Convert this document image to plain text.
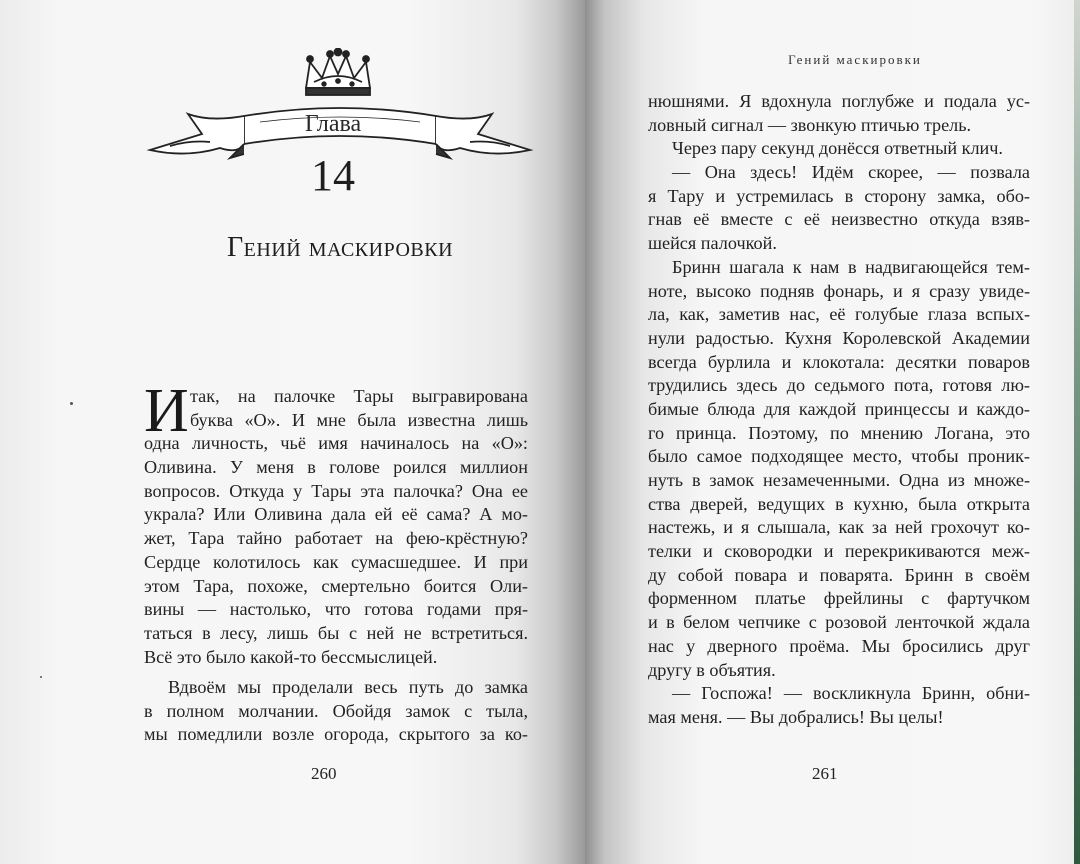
Глава
14
Гений маскировки
И так, на палочке Тары выгравирована
буква «О». И мне была известна лишь
одна личность, чьё имя начиналось на «О»:
Оливина. У меня в голове роился миллион
вопросов. Откуда у Тары эта палочка? Она ее
украла? Или Оливина дала ей её сама? А мо-
жет, Тара тайно работает на фею-крёстную?
Сердце колотилось как сумасшедшее. И при
этом Тара, похоже, смертельно боится Оли-
вины — настолько, что готова годами пря-
таться в лесу, лишь бы с ней не встретиться.
Всё это было какой-то бессмыслицей.
Вдвоём мы проделали весь путь до замка
в полном молчании. Обойдя замок с тыла,
мы помедлили возле огорода, скрытого за ко-
260
Гений маскировки
нюшнями. Я вдохнула поглубже и подала ус-
ловный сигнал — звонкую птичью трель.
Через пару секунд донёсся ответный клич.
— Она здесь! Идём скорее, — позвала
я Тару и устремилась в сторону замка, обо-
гнав её вместе с её неизвестно откуда взяв-
шейся палочкой.
Бринн шагала к нам в надвигающейся тем-
ноте, высоко подняв фонарь, и я сразу увиде-
ла, как, заметив нас, её голубые глаза вспых-
нули радостью. Кухня Королевской Академии
всегда бурлила и клокотала: десятки поваров
трудились здесь до седьмого пота, готовя лю-
бимые блюда для каждой принцессы и каждо-
го принца. Поэтому, по мнению Логана, это
было самое подходящее место, чтобы проник-
нуть в замок незамеченными. Одна из множе-
ства дверей, ведущих в кухню, была открыта
настежь, и я слышала, как за ней грохочут ко-
телки и сковородки и перекрикиваются меж-
ду собой повара и поварята. Бринн в своём
форменном платье фрейлины с фартучком
и в белом чепчике с розовой ленточкой ждала
нас у дверного проёма. Мы бросились друг
другу в объятия.
— Госпожа! — воскликнула Бринн, обни-
мая меня. — Вы добрались! Вы целы!
261
